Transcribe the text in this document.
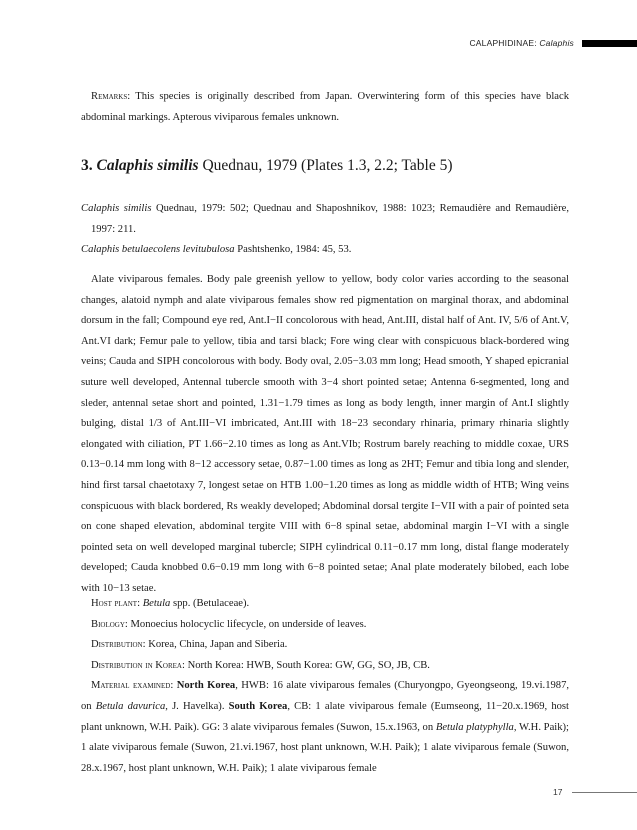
CALAPHIDINAE: Calaphis

Remarks: This species is originally described from Japan. Overwintering form of this species have black abdominal markings. Apterous viviparous females unknown.

3. Calaphis similis Quednau, 1979 (Plates 1.3, 2.2; Table 5)

Calaphis similis Quednau, 1979: 502; Quednau and Shaposhnikov, 1988: 1023; Remaudière and Remaudière, 1997: 211.

Calaphis betulaecolens levitubulosa Pashtshenko, 1984: 45, 53.

Alate viviparous females. Body pale greenish yellow to yellow, body color varies according to the seasonal changes, alatoid nymph and alate viviparous females show red pigmentation on marginal thorax, and abdominal dorsum in the fall; Compound eye red, Ant.I−II concolorous with head, Ant.III, distal half of Ant. IV, 5/6 of Ant.V, Ant.VI dark; Femur pale to yellow, tibia and tarsi black; Fore wing clear with conspicuous black-bordered wing veins; Cauda and SIPH concolorous with body. Body oval, 2.05−3.03 mm long; Head smooth, Y shaped epicranial suture well developed, Antennal tubercle smooth with 3−4 short pointed setae; Antenna 6-segmented, long and sleder, antennal setae short and pointed, 1.31−1.79 times as long as body length, inner margin of Ant.I slightly bulging, distal 1/3 of Ant.III−VI imbricated, Ant.III with 18−23 secondary rhinaria, primary rhinaria slightly elongated with ciliation, PT 1.66−2.10 times as long as Ant.VIb; Rostrum barely reaching to middle coxae, URS 0.13−0.14 mm long with 8−12 accessory setae, 0.87−1.00 times as long as 2HT; Femur and tibia long and slender, hind first tarsal chaetotaxy 7, longest setae on HTB 1.00−1.20 times as long as middle width of HTB; Wing veins conspicuous with black bordered, Rs weakly developed; Abdominal dorsal tergite I−VII with a pair of pointed seta on cone shaped elevation, abdominal tergite VIII with 6−8 spinal setae, abdominal margin I−VI with a single pointed seta on well developed marginal tubercle; SIPH cylindrical 0.11−0.17 mm long, distal flange moderately developed; Cauda knobbed 0.6−0.19 mm long with 6−8 pointed setae; Anal plate moderately bilobed, each lobe with 10−13 setae.

Host plant: Betula spp. (Betulaceae).

Biology: Monoecius holocyclic lifecycle, on underside of leaves.

Distribution: Korea, China, Japan and Siberia.

Distribution in Korea: North Korea: HWB, South Korea: GW, GG, SO, JB, CB.

Material examined: North Korea, HWB: 16 alate viviparous females (Churyongpo, Gyeongseong, 19.vi.1987, on Betula davurica, J. Havelka). South Korea, CB: 1 alate viviparous female (Eumseong, 11−20.x.1969, host plant unknown, W.H. Paik). GG: 3 alate viviparous females (Suwon, 15.x.1963, on Betula platyphylla, W.H. Paik); 1 alate viviparous female (Suwon, 21.vi.1967, host plant unknown, W.H. Paik); 1 alate viviparous female (Suwon, 28.x.1967, host plant unknown, W.H. Paik); 1 alate viviparous female

17
